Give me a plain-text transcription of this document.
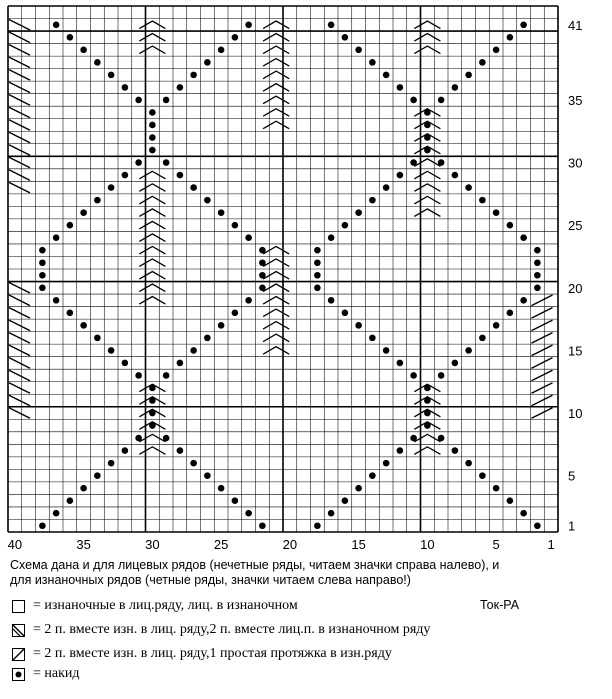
1
5
10
15
20
25
30
35
41
40	35	30	25	20	15	10	5	1
Схема дана и для лицевых рядов (нечетные ряды, читаем значки справа налево), и
для изнаночных рядов (четные ряды, значки читаем слева направо!)
= изнаночные в лиц.ряду, лиц. в изнаночном
= 2 п. вместе изн. в лиц. ряду,2 п. вместе лиц.п. в изнаночном ряду
= 2 п. вместе изн. в лиц. ряду,1 простая протяжка в изн.ряду
= накид
Ток-РА
